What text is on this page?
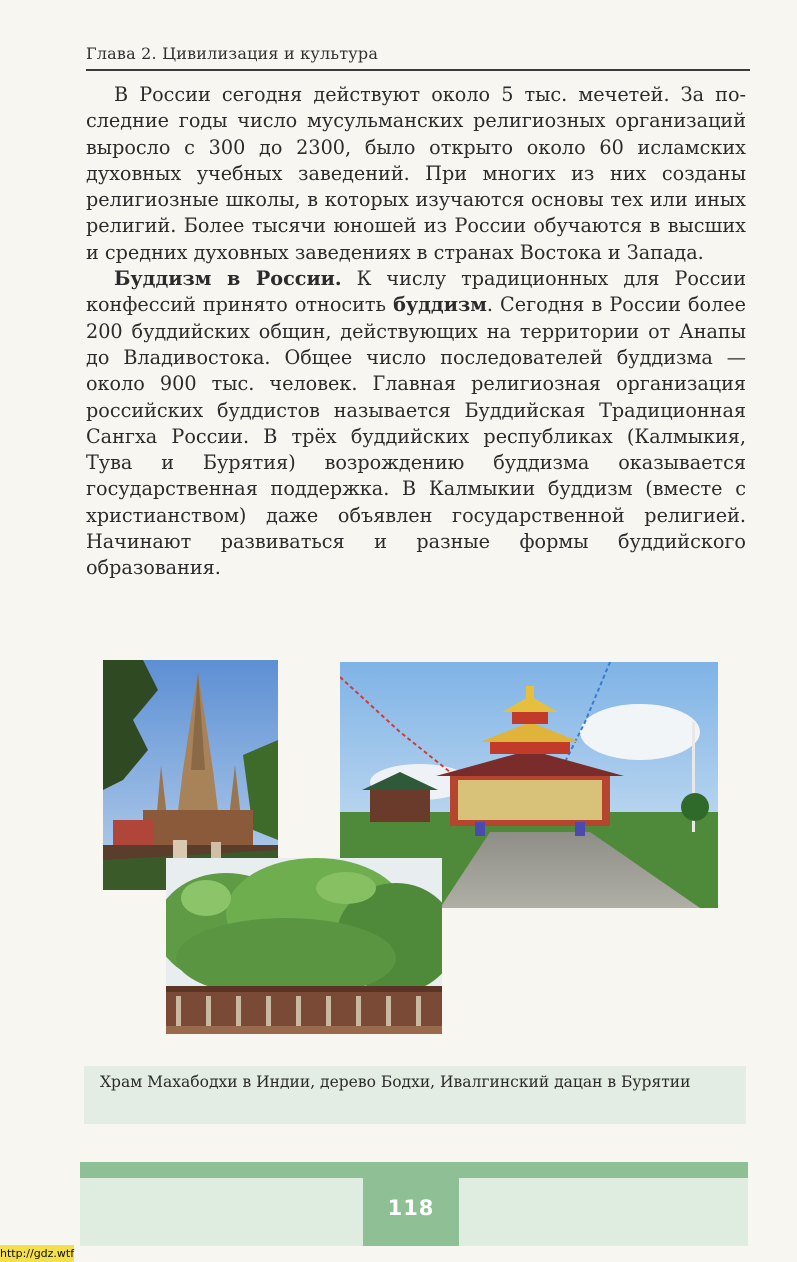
Глава 2. Цивилизация и культура

В России сегодня действуют около 5 тыс. мечетей. За последние годы число мусульманских религиозных организаций выросло с 300 до 2300, было открыто около 60 исламских духовных учебных заведений. При многих из них созданы религиозные школы, в которых изучаются основы тех или иных религий. Более тысячи юношей из России обучаются в высших и средних духовных заведениях в странах Востока и Запада.

Буддизм в России. К числу традиционных для России конфессий принято относить буддизм. Сегодня в России более 200 буддийских общин, действующих на территории от Анапы до Владивостока. Общее число последователей буддизма — около 900 тыс. человек. Главная религиозная организация российских буддистов называется Буддийская Традиционная Сангха России. В трёх буддийских республиках (Калмыкия, Тува и Бурятия) возрождению буддизма оказывается государственная поддержка. В Калмыкии буддизм (вместе с христианством) даже объявлен государственной религией. Начинают развиваться и разные формы буддийского образования.

Храм Махабодхи в Индии, дерево Бодхи, Ивалгинский дацан в Бурятии
118
http://gdz.wtf
